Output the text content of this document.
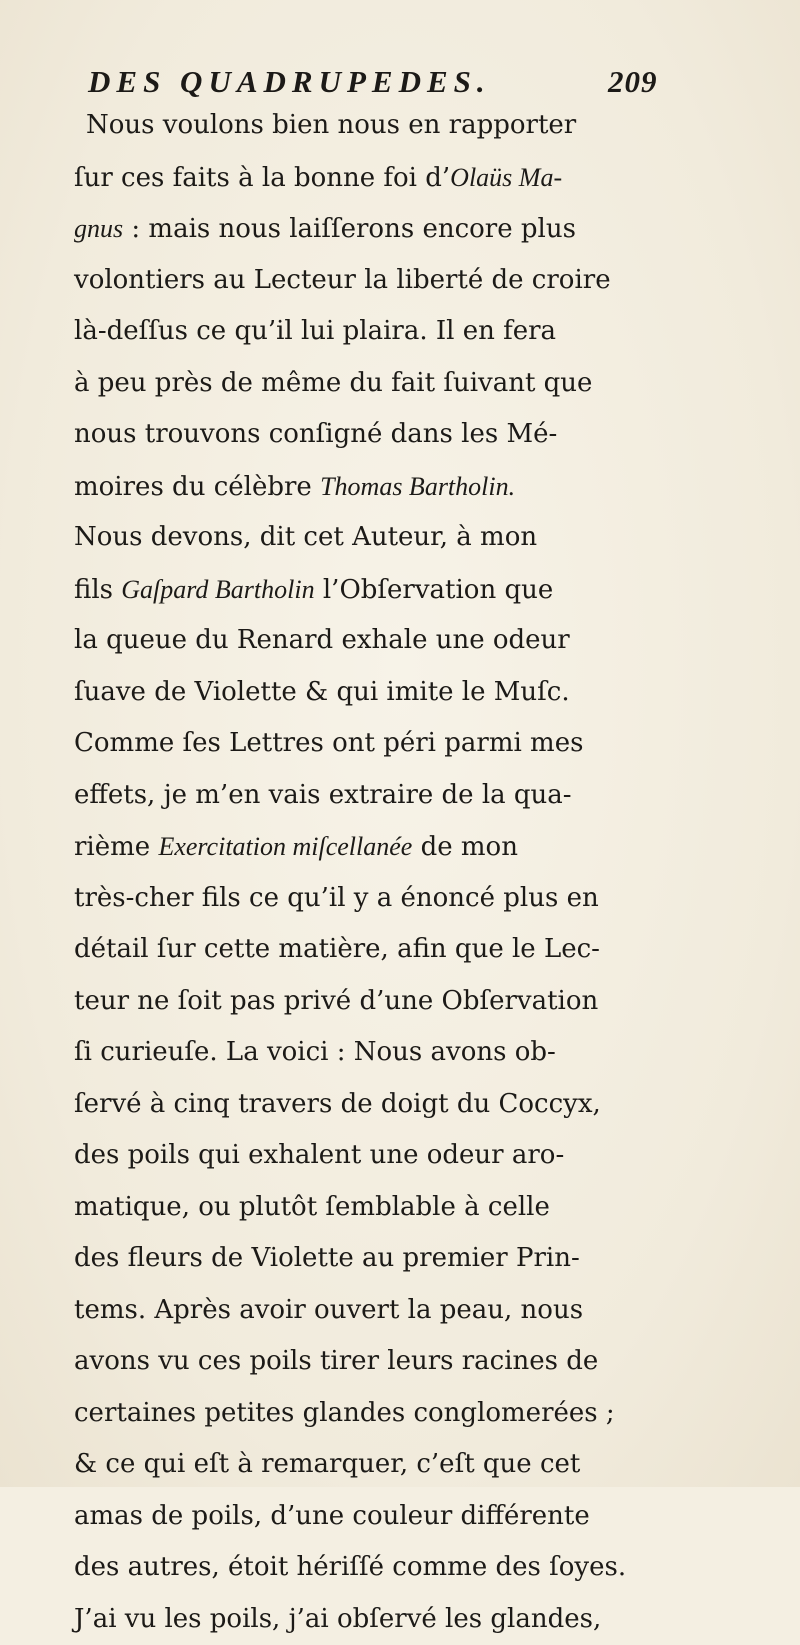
DES QUADRUPEDES.	209
Nous voulons bien nous en rapporter
ſur ces faits à la bonne foi d’Olaüs Ma-
gnus : mais nous laiſſerons encore plus
volontiers au Lecteur la liberté de croire
là-deſſus ce qu’il lui plaira. Il en fera
à peu près de même du fait ſuivant que
nous trouvons conſigné dans les Mé-
moires du célèbre Thomas Bartholin.
Nous devons, dit cet Auteur, à mon
fils Gaſpard Bartholin l’Obſervation que
la queue du Renard exhale une odeur
ſuave de Violette & qui imite le Muſc.
Comme ſes Lettres ont péri parmi mes
effets, je m’en vais extraire de la qua-
rième Exercitation miſcellanée de mon
très-cher fils ce qu’il y a énoncé plus en
détail ſur cette matière, afin que le Lec-
teur ne ſoit pas privé d’une Obſervation
ſi curieuſe. La voici : Nous avons ob-
ſervé à cinq travers de doigt du Coccyx,
des poils qui exhalent une odeur aro-
matique, ou plutôt ſemblable à celle
des fleurs de Violette au premier Prin-
tems. Après avoir ouvert la peau, nous
avons vu ces poils tirer leurs racines de
certaines petites glandes conglomerées ;
& ce qui eſt à remarquer, c’eſt que cet
amas de poils, d’une couleur différente
des autres, étoit hériſſé comme des ſoyes.
J’ai vu les poils, j’ai obſervé les glandes,
